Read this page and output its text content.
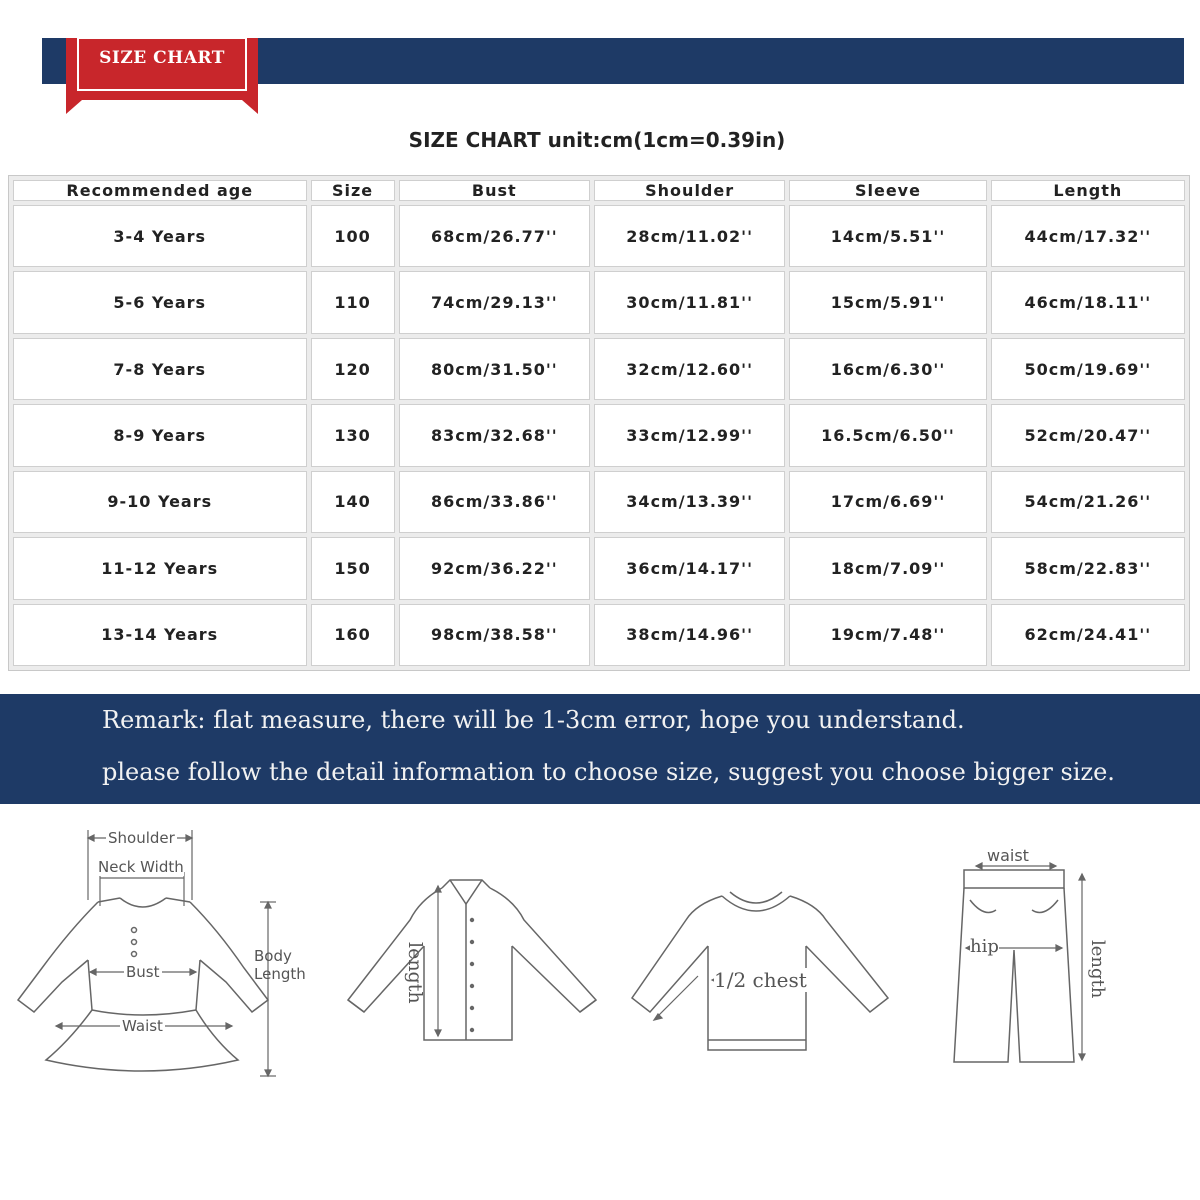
SIZE CHART
SIZE CHART unit:cm(1cm=0.39in)
Recommended age	Size	Bust	Shoulder	Sleeve	Length
3-4 Years	100	68cm/26.77''	28cm/11.02''	14cm/5.51''	44cm/17.32''
5-6 Years	110	74cm/29.13''	30cm/11.81''	15cm/5.91''	46cm/18.11''
7-8 Years	120	80cm/31.50''	32cm/12.60''	16cm/6.30''	50cm/19.69''
8-9 Years	130	83cm/32.68''	33cm/12.99''	16.5cm/6.50''	52cm/20.47''
9-10 Years	140	86cm/33.86''	34cm/13.39''	17cm/6.69''	54cm/21.26''
11-12 Years	150	92cm/36.22''	36cm/14.17''	18cm/7.09''	58cm/22.83''
13-14 Years	160	98cm/38.58''	38cm/14.96''	19cm/7.48''	62cm/24.41''
Remark: flat measure, there will be 1-3cm error, hope you understand.
please follow the detail information to choose size, suggest you choose bigger size.
Shoulder
Neck Width
Bust
Waist
Body
Length	length	1/2 chest
waist
hip	length
